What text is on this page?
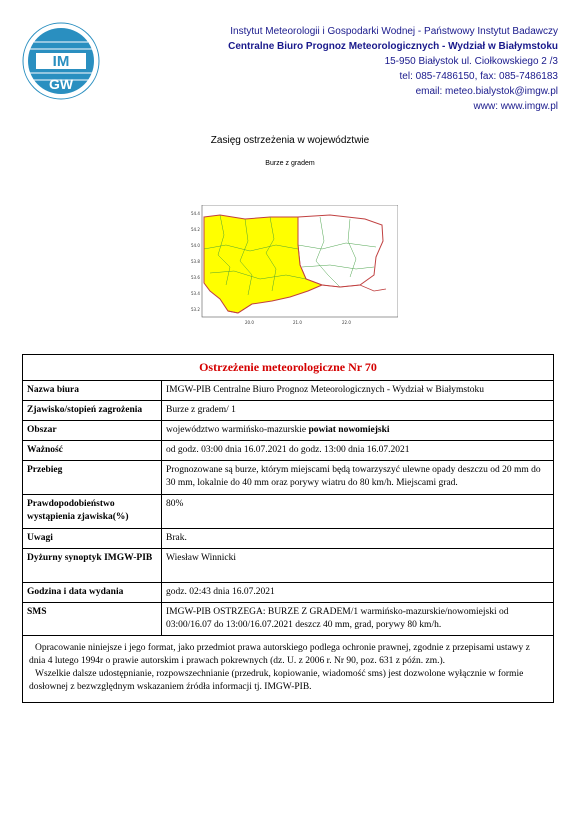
IM
GW
Instytut Meteorologii i Gospodarki Wodnej - Państwowy Instytut Badawczy
Centralne Biuro Prognoz Meteorologicznych - Wydział w Białymstoku
15-950 Białystok ul. Ciołkowskiego 2 /3
tel: 085-7486150, fax: 085-7486183
email: meteo.bialystok@imgw.pl
www: www.imgw.pl
Zasięg ostrzeżenia w województwie
Burze z gradem
54.4
54.2
54.0
53.8
53.6
53.4
53.2
20.0	21.0	22.0
Ostrzeżenie meteorologiczne Nr 70	
Nazwa biura	IMGW-PIB Centralne Biuro Prognoz Meteorologicznych - Wydział w Białymstoku
Zjawisko/stopień zagrożenia	Burze z gradem/ 1
Obszar	województwo warmińsko-mazurskie powiat nowomiejski
Ważność	od godz. 03:00 dnia 16.07.2021 do godz. 13:00 dnia 16.07.2021
Przebieg	Prognozowane są burze, którym miejscami będą towarzyszyć ulewne opady deszczu od 20 mm do 30 mm, lokalnie do 40 mm oraz porywy wiatru do 80 km/h. Miejscami grad.
Prawdopodobieństwo wystąpienia zjawiska(%)	80%
Uwagi	Brak.
Dyżurny synoptyk IMGW-PIB	Wiesław Winnicki
Godzina i data wydania	godz. 02:43 dnia 16.07.2021
SMS	IMGW-PIB OSTRZEGA: BURZE Z GRADEM/1 warmińsko-mazurskie/nowomiejski od 03:00/16.07 do 13:00/16.07.2021 deszcz 40 mm, grad, porywy 80 km/h.

Opracowanie niniejsze i jego format, jako przedmiot prawa autorskiego podlega ochronie prawnej, zgodnie z przepisami ustawy z dnia 4 lutego 1994r o prawie autorskim i prawach pokrewnych (dz. U. z 2006 r. Nr 90, poz. 631 z późn. zm.).
Wszelkie dalsze udostępnianie, rozpowszechnianie (przedruk, kopiowanie, wiadomość sms) jest dozwolone wyłącznie w formie dosłownej z bezwzględnym wskazaniem źródła informacji tj. IMGW-PIB.	
